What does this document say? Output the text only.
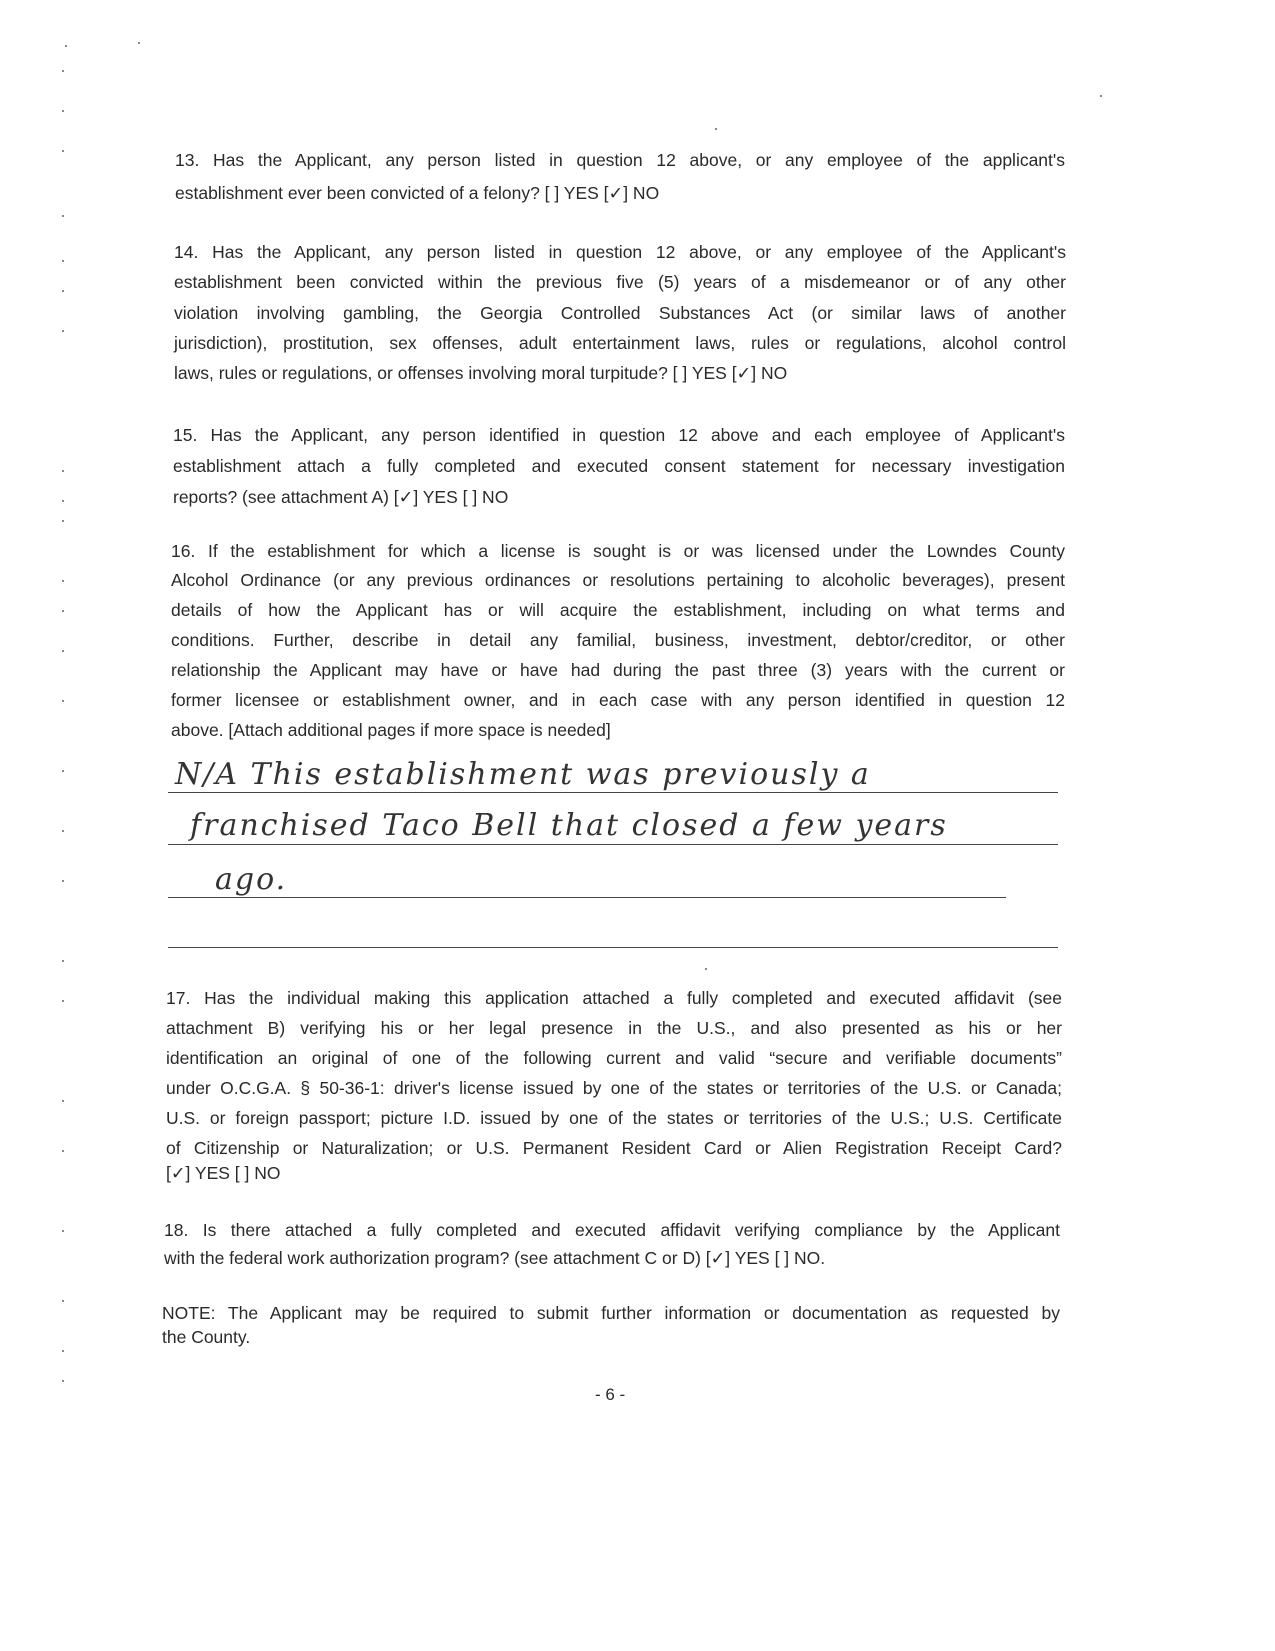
13. Has the Applicant, any person listed in question 12 above, or any employee of the applicant's
establishment ever been convicted of a felony? [ ] YES [✓] NO
14. Has the Applicant, any person listed in question 12 above, or any employee of the Applicant's
establishment been convicted within the previous five (5) years of a misdemeanor or of any other
violation involving gambling, the Georgia Controlled Substances Act (or similar laws of another
jurisdiction), prostitution, sex offenses, adult entertainment laws, rules or regulations, alcohol control
laws, rules or regulations, or offenses involving moral turpitude? [ ] YES [✓] NO
15. Has the Applicant, any person identified in question 12 above and each employee of Applicant's
establishment attach a fully completed and executed consent statement for necessary investigation
reports? (see attachment A) [✓] YES [ ] NO
16. If the establishment for which a license is sought is or was licensed under the Lowndes County
Alcohol Ordinance (or any previous ordinances or resolutions pertaining to alcoholic beverages), present
details of how the Applicant has or will acquire the establishment, including on what terms and
conditions. Further, describe in detail any familial, business, investment, debtor/creditor, or other
relationship the Applicant may have or have had during the past three (3) years with the current or
former licensee or establishment owner, and in each case with any person identified in question 12
above. [Attach additional pages if more space is needed]
17. Has the individual making this application attached a fully completed and executed affidavit (see
attachment B) verifying his or her legal presence in the U.S., and also presented as his or her
identification an original of one of the following current and valid “secure and verifiable documents”
under O.C.G.A. § 50-36-1: driver's license issued by one of the states or territories of the U.S. or Canada;
U.S. or foreign passport; picture I.D. issued by one of the states or territories of the U.S.; U.S. Certificate
of Citizenship or Naturalization; or U.S. Permanent Resident Card or Alien Registration Receipt Card?
[✓] YES [ ] NO
18. Is there attached a fully completed and executed affidavit verifying compliance by the Applicant
with the federal work authorization program? (see attachment C or D) [✓] YES [ ] NO.
NOTE: The Applicant may be required to submit further information or documentation as requested by
the County.
N/A This establishment was previously a
franchised Taco Bell that closed a few years
ago.
- 6 -
